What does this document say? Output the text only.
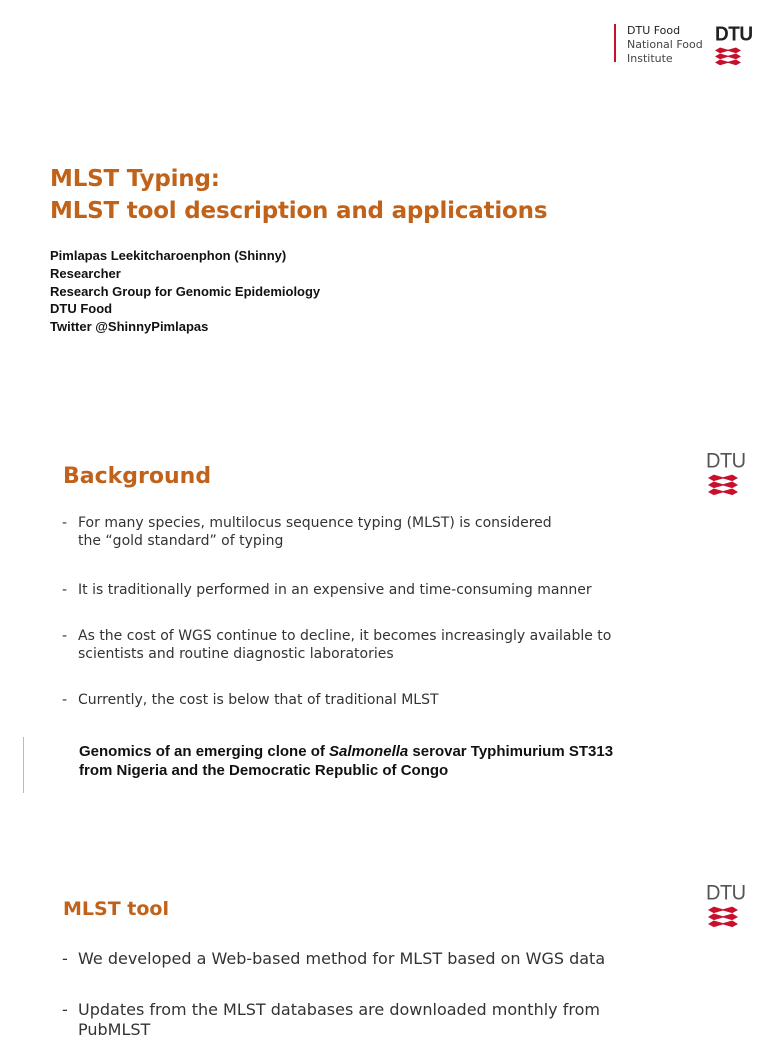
DTU Food
National Food
Institute
DTU
MLST Typing:
MLST tool description and applications
Pimlapas Leekitcharoenphon (Shinny)
Researcher
Research Group for Genomic Epidemiology
DTU Food
Twitter @ShinnyPimlapas
DTU
Background
- For many species, multilocus sequence typing (MLST) is considered
the “gold standard” of typing
- It is traditionally performed in an expensive and time-consuming manner
- As the cost of WGS continue to decline, it becomes increasingly available to
scientists and routine diagnostic laboratories
- Currently, the cost is below that of traditional MLST
Genomics of an emerging clone of Salmonella serovar Typhimurium ST313
from Nigeria and the Democratic Republic of Congo
DTU
MLST tool
- We developed a Web-based method for MLST based on WGS data
- Updates from the MLST databases are downloaded monthly from
PubMLST
